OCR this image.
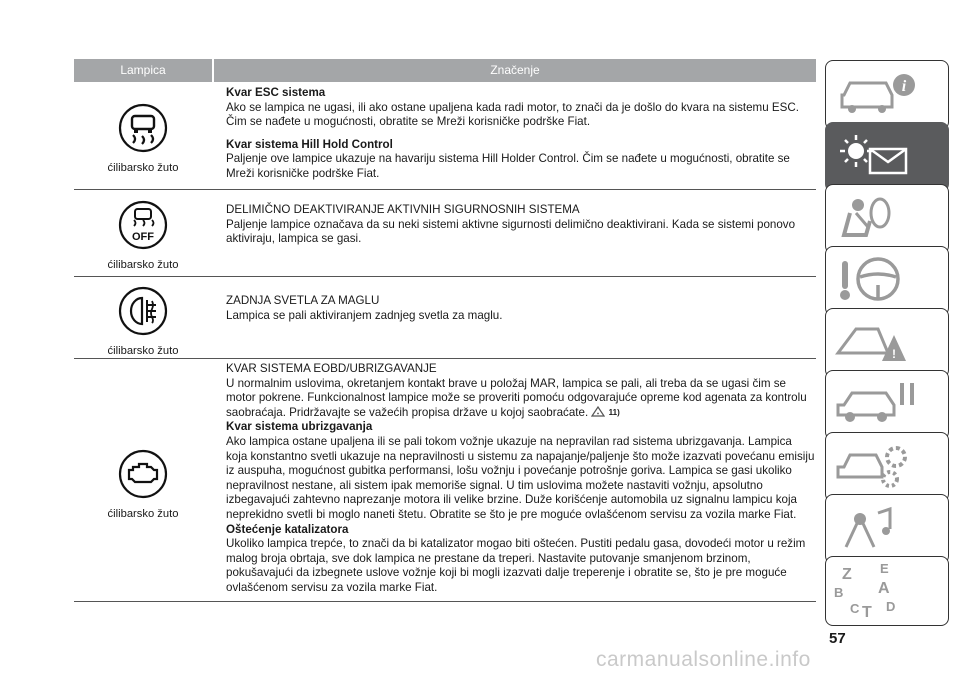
Lampica	Značenje
ćilibarsko žuto
Kvar ESC sistema
Ako se lampica ne ugasi, ili ako ostane upaljena kada radi motor, to znači da je došlo do kvara na sistemu ESC. Čim se nađete u mogućnosti, obratite se Mreži korisničke podrške Fiat.
Kvar sistema Hill Hold Control
Paljenje ove lampice ukazuje na havariju sistema Hill Holder Control. Čim se nađete u mogućnosti, obratite se Mreži korisničke podrške Fiat.
OFF
ćilibarsko žuto
DELIMIČNO DEAKTIVIRANJE AKTIVNIH SIGURNOSNIH SISTEMA
Paljenje lampice označava da su neki sistemi aktivne sigurnosti delimično deaktivirani. Kada se sistemi ponovo aktiviraju, lampica se gasi.
ćilibarsko žuto
ZADNJA SVETLA ZA MAGLU
Lampica se pali aktiviranjem zadnjeg svetla za maglu.
ćilibarsko žuto
KVAR SISTEMA EOBD/UBRIZGAVANJE
U normalnim uslovima, okretanjem kontakt brave u položaj MAR, lampica se pali, ali treba da se ugasi čim se motor pokrene. Funkcionalnost lampice može se proveriti pomoću odgovarajuće opreme kod agenata za kontrolu saobraćaja. Pridržavajte se važećih propisa države u kojoj saobraćate.	11)
Kvar sistema ubrizgavanja
Ako lampica ostane upaljena ili se pali tokom vožnje ukazuje na nepravilan rad sistema ubrizgavanja. Lampica koja konstantno svetli ukazuje na nepravilnosti u sistemu za napajanje/paljenje što može izazvati povećanu emisiju iz auspuha, mogućnost gubitka performansi, lošu vožnju i povećanje potrošnje goriva. Lampica se gasi ukoliko nepravilnost nestane, ali sistem ipak memoriše signal. U tim uslovima možete nastaviti vožnju, apsolutno izbegavajući zahtevno naprezanje motora ili velike brzine. Duže korišćenje automobila uz signalnu lampicu koja neprekidno svetli bi moglo naneti štetu. Obratite se što je pre moguće ovlašćenom servisu za vozila marke Fiat.
Oštećenje katalizatora
Ukoliko lampica trepće, to znači da bi katalizator mogao biti oštećen. Pustiti pedalu gasa, dovodeći motor u režim malog broja obrtaja, sve dok lampica ne prestane da treperi. Nastavite putovanje smanjenom brzinom, pokušavajući da izbegnete uslove vožnje koji bi mogli izazvati dalje treperenje i obratite se, što je pre moguće ovlašćenom servisu za vozila marke Fiat.
i
!
Z E
A
B
C T D
57
carmanualsonline.info
